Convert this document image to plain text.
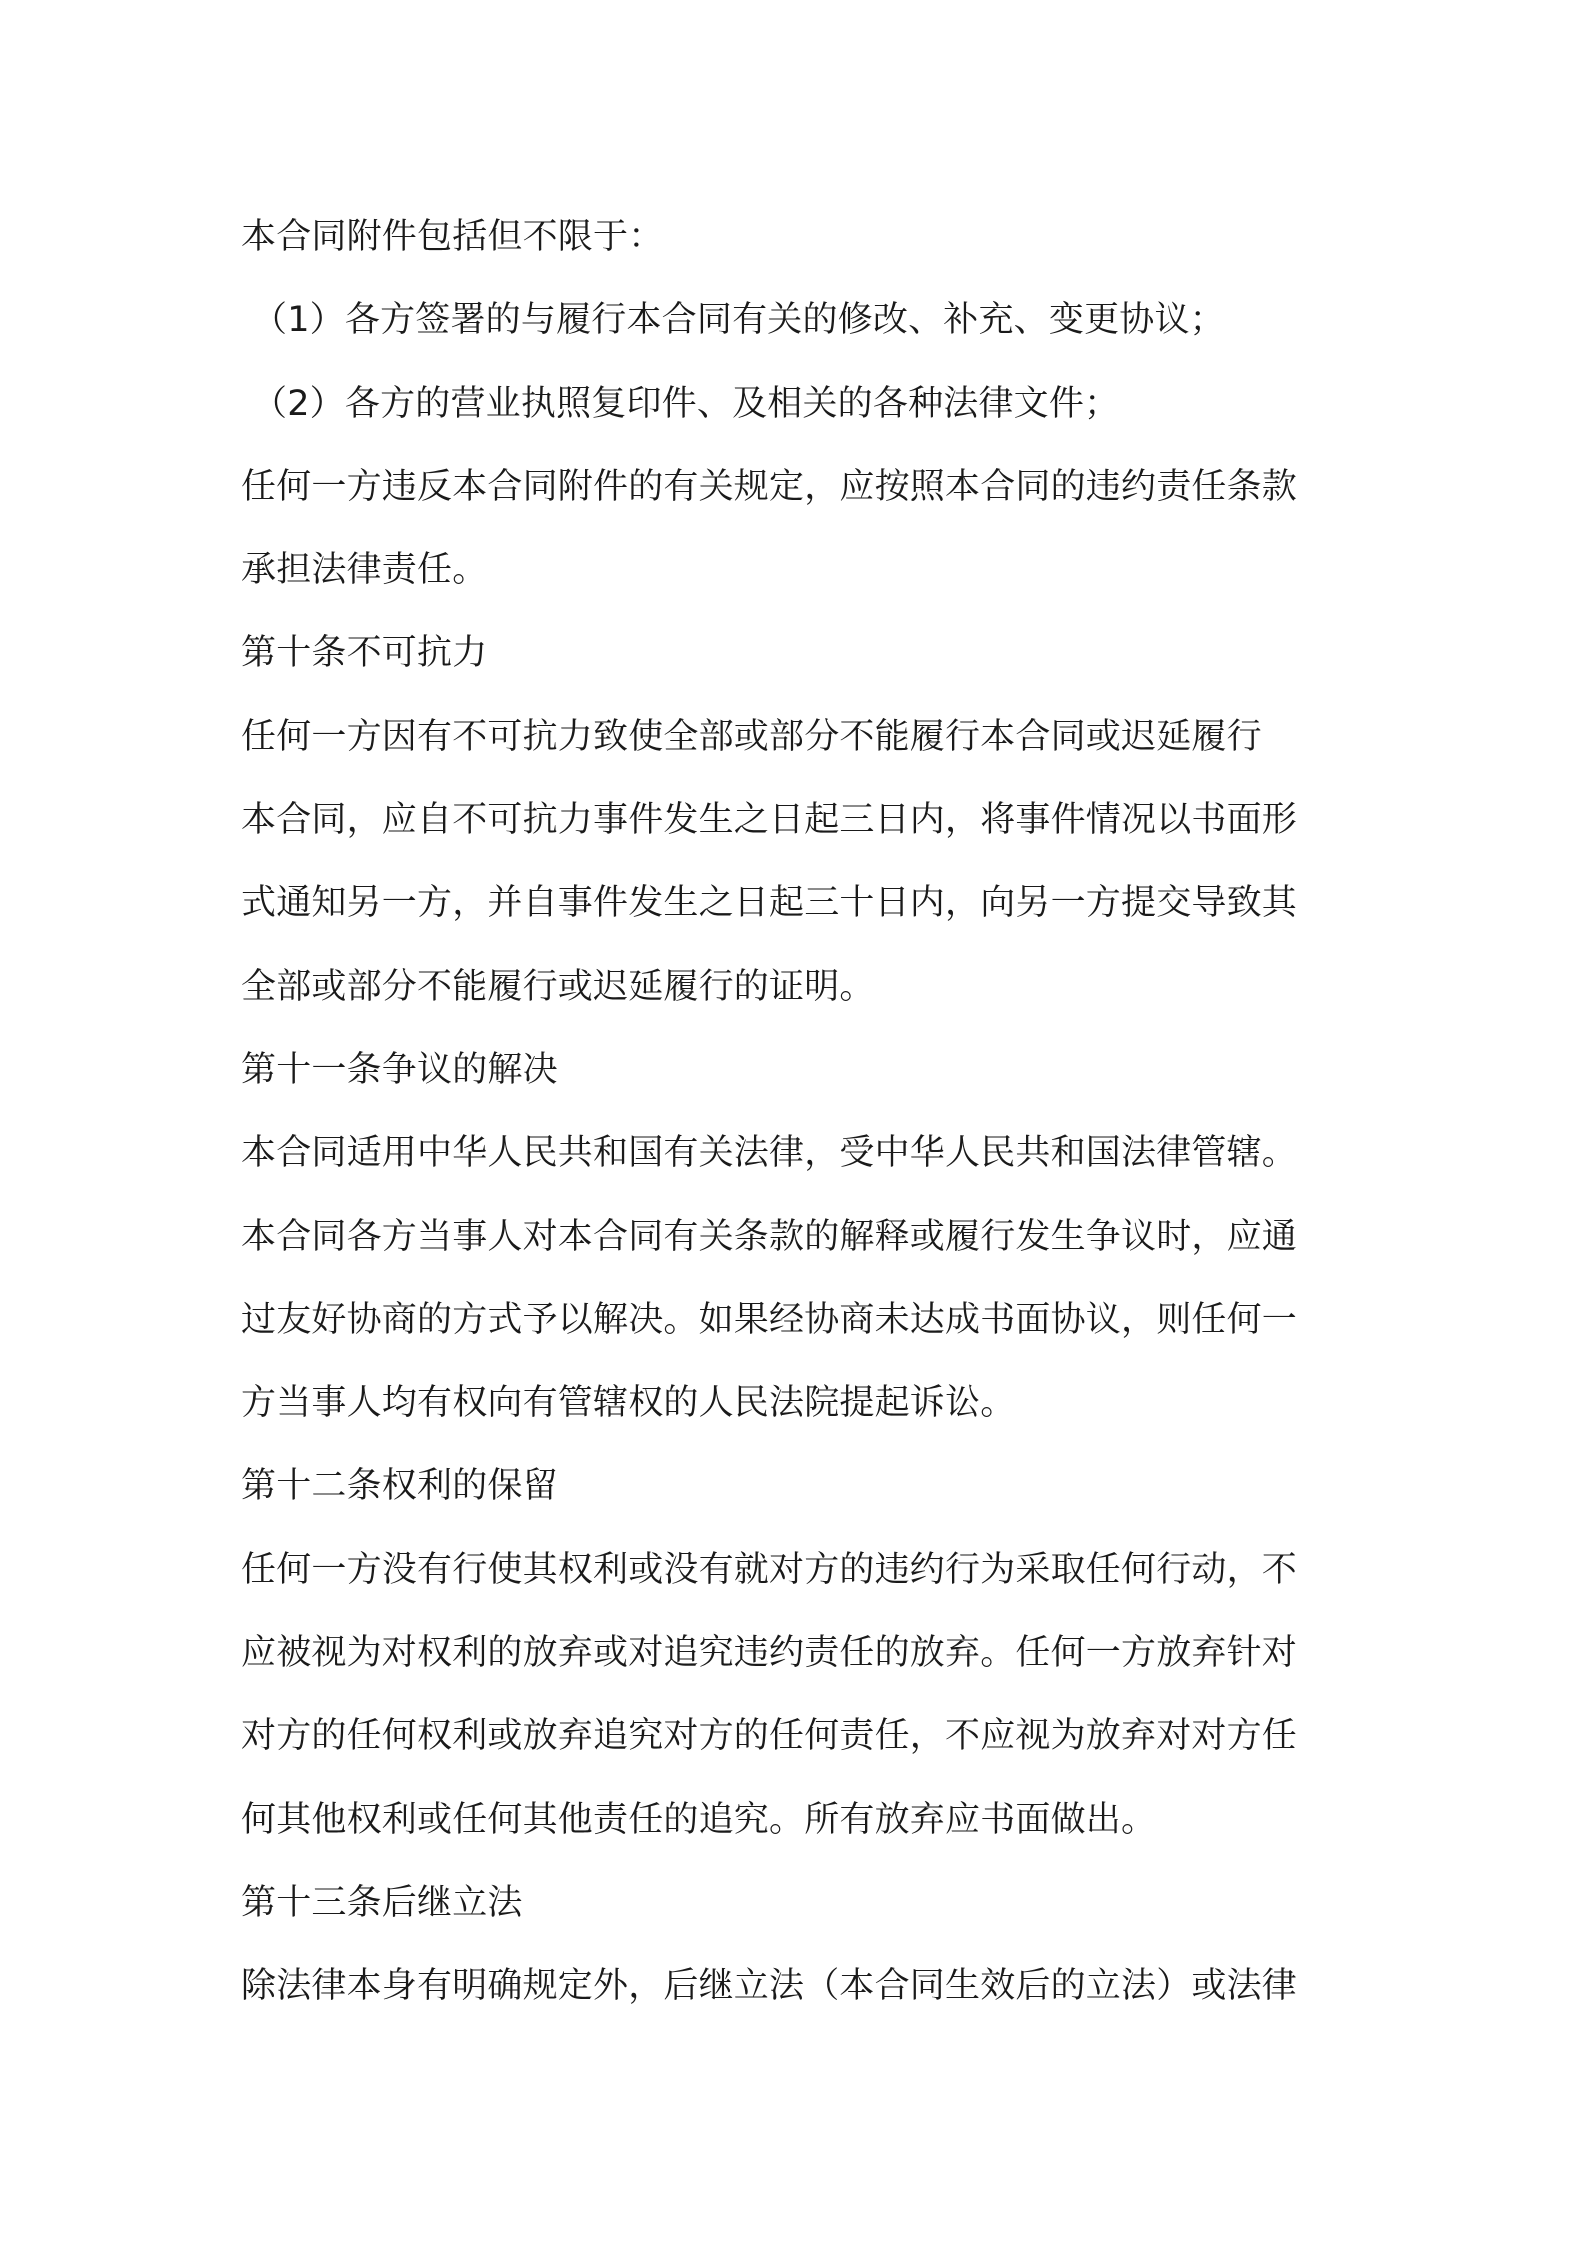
本合同附件包括但不限于：
（1）各方签署的与履行本合同有关的修改、补充、变更协议；
（2）各方的营业执照复印件、及相关的各种法律文件；
任何一方违反本合同附件的有关规定，应按照本合同的违约责任条款
承担法律责任。
第十条不可抗力
任何一方因有不可抗力致使全部或部分不能履行本合同或迟延履行
本合同，应自不可抗力事件发生之日起三日内，将事件情况以书面形
式通知另一方，并自事件发生之日起三十日内，向另一方提交导致其
全部或部分不能履行或迟延履行的证明。
第十一条争议的解决
本合同适用中华人民共和国有关法律，受中华人民共和国法律管辖。
本合同各方当事人对本合同有关条款的解释或履行发生争议时，应通
过友好协商的方式予以解决。如果经协商未达成书面协议，则任何一
方当事人均有权向有管辖权的人民法院提起诉讼。
第十二条权利的保留
任何一方没有行使其权利或没有就对方的违约行为采取任何行动，不
应被视为对权利的放弃或对追究违约责任的放弃。任何一方放弃针对
对方的任何权利或放弃追究对方的任何责任，不应视为放弃对对方任
何其他权利或任何其他责任的追究。所有放弃应书面做出。
第十三条后继立法
除法律本身有明确规定外，后继立法（本合同生效后的立法）或法律
